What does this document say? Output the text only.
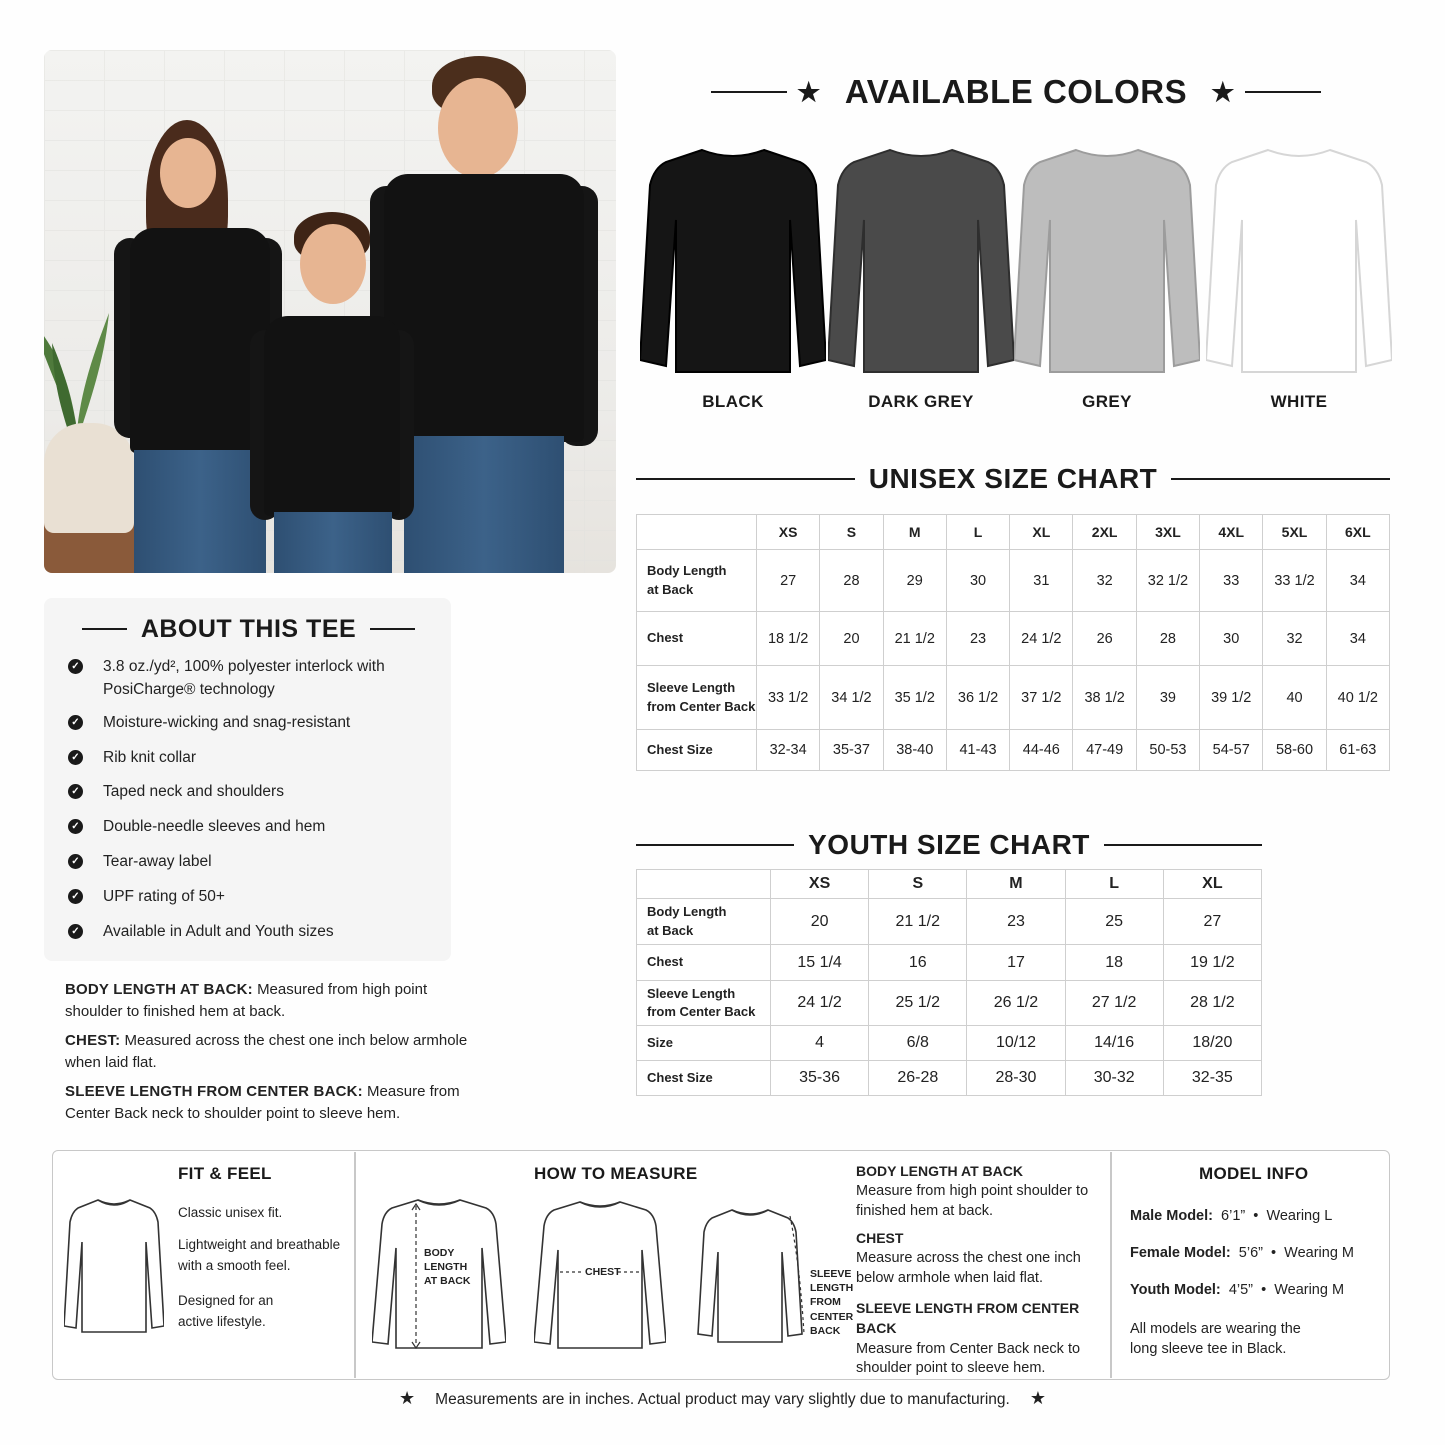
★ AVAILABLE COLORS ★
BLACK	DARK GREY	GREY	WHITE
UNISEX SIZE CHART
	XS	S	M	L	XL	2XL	3XL	4XL	5XL	6XL
Body Length
at Back	27	28	29	30	31	32	32 1/2	33	33 1/2	34
Chest	18 1/2	20	21 1/2	23	24 1/2	26	28	30	32	34
Sleeve Length
from Center Back	33 1/2	34 1/2	35 1/2	36 1/2	37 1/2	38 1/2	39	39 1/2	40	40 1/2
Chest Size	32-34	35-37	38-40	41-43	44-46	47-49	50-53	54-57	58-60	61-63
YOUTH SIZE CHART
	XS	S	M	L	XL
Body Length
at Back	20	21 1/2	23	25	27
Chest	15 1/4	16	17	18	19 1/2
Sleeve Length
from Center Back	24 1/2	25 1/2	26 1/2	27 1/2	28 1/2
Size	4	6/8	10/12	14/16	18/20
Chest Size	35-36	26-28	28-30	30-32	32-35
ABOUT THIS TEE
✓ 3.8 oz./yd², 100% polyester interlock with PosiCharge® technology
✓ Moisture-wicking and snag-resistant
✓ Rib knit collar
✓ Taped neck and shoulders
✓ Double-needle sleeves and hem
✓ Tear-away label
✓ UPF rating of 50+
✓ Available in Adult and Youth sizes
BODY LENGTH AT BACK: Measured from high point shoulder to finished hem at back.
CHEST: Measured across the chest one inch below armhole when laid flat.
SLEEVE LENGTH FROM CENTER BACK: Measure from Center Back neck to shoulder point to sleeve hem.
FIT & FEEL
Classic unisex fit.
Lightweight and breathable with a smooth feel.
Designed for an active lifestyle.
HOW TO MEASURE
BODY
LENGTH
AT BACK
CHEST	SLEEVE
LENGTH
FROM
CENTER
BACK
BODY LENGTH AT BACK
Measure from high point shoulder to finished hem at back.
CHEST
Measure across the chest one inch below armhole when laid flat.
SLEEVE LENGTH FROM CENTER BACK
Measure from Center Back neck to shoulder point to sleeve hem.
MODEL INFO
Male Model: 6’1” • Wearing L
Female Model: 5’6” • Wearing M
Youth Model: 4’5” • Wearing M
All models are wearing the long sleeve tee in Black.
★ Measurements are in inches. Actual product may vary slightly due to manufacturing. ★
